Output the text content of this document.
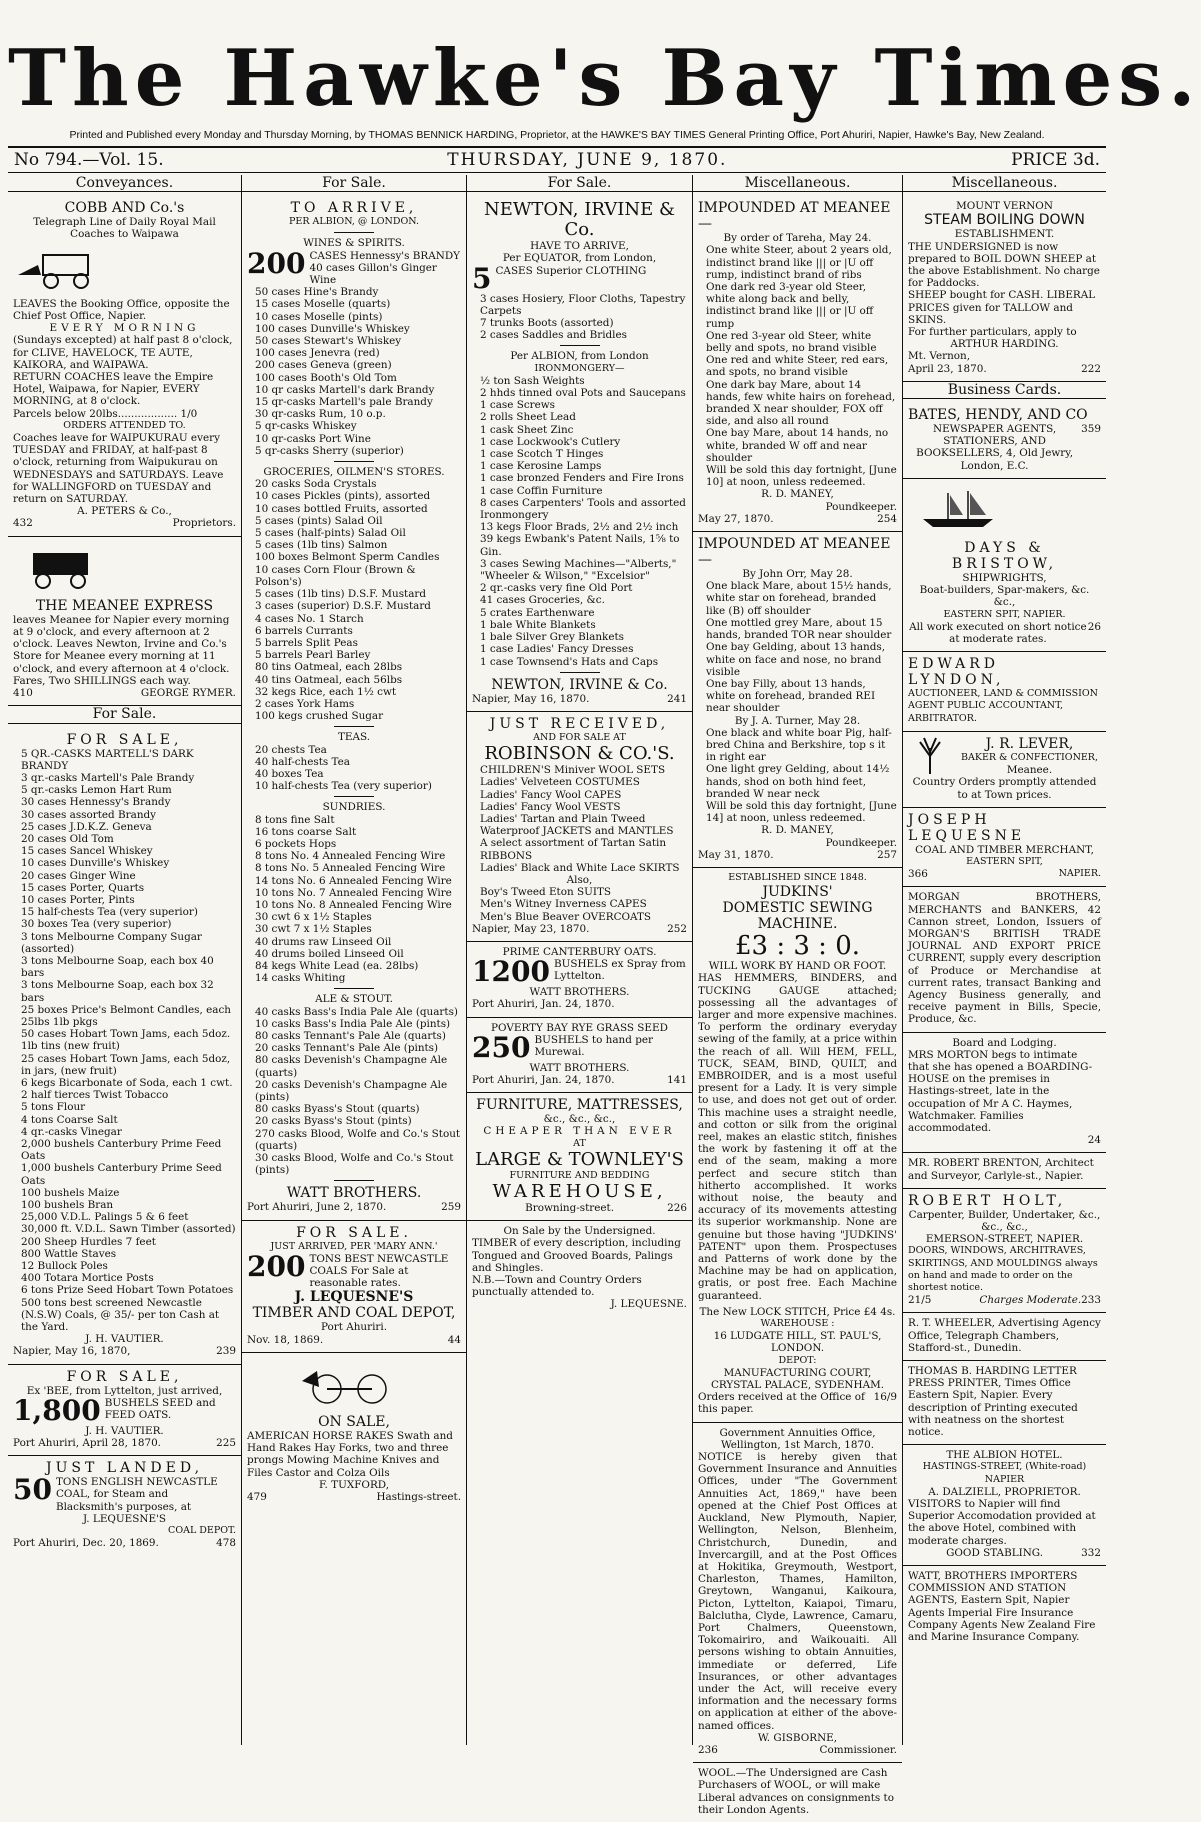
The Hawke's Bay Times.
Printed and Published every Monday and Thursday Morning, by THOMAS BENNICK HARDING, Proprietor, at the HAWKE'S BAY TIMES General Printing Office, Port Ahuriri, Napier, Hawke's Bay, New Zealand.
No 794.—Vol. 15.	THURSDAY, JUNE 9, 1870.	PRICE 3d.
Conveyances.
COBB AND Co.'s
Telegraph Line of Daily Royal Mail Coaches to Waipawa

LEAVES the Booking Office, opposite the Chief Post Office, Napier.

EVERY MORNING

(Sundays excepted) at half past 8 o'clock, for CLIVE, HAVELOCK, TE AUTE, KAIKORA, and WAIPAWA.

RETURN COACHES leave the Empire Hotel, Waipawa, for Napier, EVERY MORNING, at 8 o'clock.

Parcels below 20lbs.................. 1/0

ORDERS ATTENDED TO.

Coaches leave for WAIPUKURAU every TUESDAY and FRIDAY, at half-past 8 o'clock, returning from Waipukurau on WEDNESDAYS and SATURDAYS. Leave for WALLINGFORD on TUESDAY and return on SATURDAY.

A. PETERS & Co.,

432	Proprietors.
THE MEANEE EXPRESS

leaves Meanee for Napier every morning at 9 o'clock, and every afternoon at 2 o'clock. Leaves Newton, Irvine and Co.'s Store for Meanee every morning at 11 o'clock, and every afternoon at 4 o'clock. Fares, Two SHILLINGS each way.

410	GEORGE RYMER.
For Sale.
FOR SALE,

5 QR.-CASKS MARTELL'S DARK BRANDY

3 qr.-casks Martell's Pale Brandy

5 qr.-casks Lemon Hart Rum

30 cases Hennessy's Brandy

30 cases assorted Brandy

25 cases J.D.K.Z. Geneva

20 cases Old Tom

15 cases Sancel Whiskey

10 cases Dunville's Whiskey

20 cases Ginger Wine

15 cases Porter, Quarts

10 cases Porter, Pints

15 half-chests Tea (very superior)

30 boxes Tea (very superior)

3 tons Melbourne Company Sugar (assorted)

3 tons Melbourne Soap, each box 40 bars

3 tons Melbourne Soap, each box 32 bars

25 boxes Price's Belmont Candles, each 25lbs 1lb pkgs

50 cases Hobart Town Jams, each 5doz. 1lb tins (new fruit)

25 cases Hobart Town Jams, each 5doz, in jars, (new fruit)

6 kegs Bicarbonate of Soda, each 1 cwt.

2 half tierces Twist Tobacco

5 tons Flour

4 tons Coarse Salt

4 qr.-casks Vinegar

2,000 bushels Canterbury Prime Feed Oats

1,000 bushels Canterbury Prime Seed Oats

100 bushels Maize

100 bushels Bran

25,000 V.D.L. Palings 5 & 6 feet

30,000 ft. V.D.L. Sawn Timber (assorted)

200 Sheep Hurdles 7 feet

800 Wattle Staves

12 Bullock Poles

400 Totara Mortice Posts

6 tons Prize Seed Hobart Town Potatoes

500 tons best screened Newcastle (N.S.W) Coals, @ 35/- per ton Cash at the Yard.

J. H. VAUTIER.

Napier, May 16, 1870,	239
FOR SALE,

Ex 'BEE, from Lyttelton, just arrived,

1,800 BUSHELS SEED and FEED OATS.

J. H. VAUTIER.

Port Ahuriri, April 28, 1870.	225
JUST LANDED,
50 TONS ENGLISH NEWCASTLE COAL, for Steam and Blacksmith's purposes, at

J. LEQUESNE'S

COAL DEPOT.

Port Ahuriri, Dec. 20, 1869.	478
For Sale.
TO ARRIVE,

PER ALBION, @ LONDON.

WINES & SPIRITS.

200 CASES Hennessy's BRANDY
40 cases Gillon's Ginger Wine

50 cases Hine's Brandy

15 cases Moselle (quarts)

10 cases Moselle (pints)

100 cases Dunville's Whiskey

50 cases Stewart's Whiskey

100 cases Jenevra (red)

200 cases Geneva (green)

100 cases Booth's Old Tom

10 qr casks Martell's dark Brandy

15 qr-casks Martell's pale Brandy

30 qr-casks Rum, 10 o.p.

5 qr-casks Whiskey

10 qr-casks Port Wine

5 qr-casks Sherry (superior)

GROCERIES, OILMEN'S STORES.

20 casks Soda Crystals

10 cases Pickles (pints), assorted

10 cases bottled Fruits, assorted

5 cases (pints) Salad Oil

5 cases (half-pints) Salad Oil

5 cases (1lb tins) Salmon

100 boxes Belmont Sperm Candles

10 cases Corn Flour (Brown & Polson's)

5 cases (1lb tins) D.S.F. Mustard

3 cases (superior) D.S.F. Mustard

4 cases No. 1 Starch

6 barrels Currants

5 barrels Split Peas

5 barrels Pearl Barley

80 tins Oatmeal, each 28lbs

40 tins Oatmeal, each 56lbs

32 kegs Rice, each 1½ cwt

2 cases York Hams

100 kegs crushed Sugar

TEAS.

20 chests Tea

40 half-chests Tea

40 boxes Tea

10 half-chests Tea (very superior)

SUNDRIES.

8 tons fine Salt

16 tons coarse Salt

6 pockets Hops

8 tons No. 4 Annealed Fencing Wire

8 tons No. 5 Annealed Fencing Wire

14 tons No. 6 Annealed Fencing Wire

10 tons No. 7 Annealed Fencing Wire

10 tons No. 8 Annealed Fencing Wire

30 cwt 6 x 1½ Staples

30 cwt 7 x 1½ Staples

40 drums raw Linseed Oil

40 drums boiled Linseed Oil

84 kegs White Lead (ea. 28lbs)

14 casks Whiting

ALE & STOUT.

40 casks Bass's India Pale Ale (quarts)

10 casks Bass's India Pale Ale (pints)

80 casks Tennant's Pale Ale (quarts)

20 casks Tennant's Pale Ale (pints)

80 casks Devenish's Champagne Ale (quarts)

20 casks Devenish's Champagne Ale (pints)

80 casks Byass's Stout (quarts)

20 casks Byass's Stout (pints)

270 casks Blood, Wolfe and Co.'s Stout (quarts)

30 casks Blood, Wolfe and Co.'s Stout (pints)

WATT BROTHERS.

Port Ahuriri, June 2, 1870.	259
FOR SALE.

JUST ARRIVED, PER 'MARY ANN.'

200 TONS BEST NEWCASTLE COALS For Sale at reasonable rates.

J. LEQUESNE'S

TIMBER AND COAL DEPOT,

Port Ahuriri.

Nov. 18, 1869.	44
ON SALE,

AMERICAN HORSE RAKES Swath and Hand Rakes Hay Forks, two and three prongs Mowing Machine Knives and Files Castor and Colza Oils

F. TUXFORD,

479	Hastings-street.
For Sale.
NEWTON, IRVINE & Co.

HAVE TO ARRIVE,

Per EQUATOR, from London,

5 CASES Superior CLOTHING

3 cases Hosiery, Floor Cloths, Tapestry Carpets

7 trunks Boots (assorted)

2 cases Saddles and Bridles

Per ALBION, from London

IRONMONGERY—

½ ton Sash Weights

2 hhds tinned oval Pots and Saucepans

1 case Screws

2 rolls Sheet Lead

1 cask Sheet Zinc

1 case Lockwook's Cutlery

1 case Scotch T Hinges

1 case Kerosine Lamps

1 case bronzed Fenders and Fire Irons

1 case Coffin Furniture

8 cases Carpenters' Tools and assorted Ironmongery

13 kegs Floor Brads, 2½ and 2½ inch

39 kegs Ewbank's Patent Nails, 1⅝ to Gin.

3 cases Sewing Machines—"Alberts," "Wheeler & Wilson," "Excelsior"

2 qr.-casks very fine Old Port

41 cases Groceries, &c.

5 crates Earthenware

1 bale White Blankets

1 bale Silver Grey Blankets

1 case Ladies' Fancy Dresses

1 case Townsend's Hats and Caps

NEWTON, IRVINE & Co.

Napier, May 16, 1870.	241
JUST RECEIVED,

AND FOR SALE AT

ROBINSON & CO.'S.

CHILDREN'S Miniver WOOL SETS

Ladies' Velveteen COSTUMES

Ladies' Fancy Wool CAPES

Ladies' Fancy Wool VESTS

Ladies' Tartan and Plain Tweed Waterproof JACKETS and MANTLES

A select assortment of Tartan Satin RIBBONS

Ladies' Black and White Lace SKIRTS

Also,

Boy's Tweed Eton SUITS

Men's Witney Inverness CAPES

Men's Blue Beaver OVERCOATS

Napier, May 23, 1870.	252
PRIME CANTERBURY OATS.
1200 BUSHELS ex Spray from Lyttelton.

WATT BROTHERS.

Port Ahuriri, Jan. 24, 1870.

POVERTY BAY RYE GRASS SEED
250 BUSHELS to hand per Murewai.

WATT BROTHERS.

Port Ahuriri, Jan. 24, 1870.	141
FURNITURE, MATTRESSES,

&c., &c., &c.,

CHEAPER THAN EVER

AT

LARGE & TOWNLEY'S

FURNITURE AND BEDDING

WAREHOUSE,
Browning-street.	226
On Sale by the Undersigned.

TIMBER of every description, including Tongued and Grooved Boards, Palings and Shingles.

N.B.—Town and Country Orders punctually attended to.

J. LEQUESNE.

Miscellaneous.
IMPOUNDED AT MEANEE—

By order of Tareha, May 24.

One white Steer, about 2 years old, indistinct brand like ||| or |U off rump, indistinct brand of ribs

One dark red 3-year old Steer, white along back and belly, indistinct brand like ||| or |U off rump

One red 3-year old Steer, white belly and spots, no brand visible

One red and white Steer, red ears, and spots, no brand visible

One dark bay Mare, about 14 hands, few white hairs on forehead, branded X near shoulder, FOX off side, and also all round

One bay Mare, about 14 hands, no white, branded W off and near shoulder

Will be sold this day fortnight, [June 10] at noon, unless redeemed.

R. D. MANEY,

Poundkeeper.

May 27, 1870.	254
IMPOUNDED AT MEANEE—

By John Orr, May 28.

One black Mare, about 15½ hands, white star on forehead, branded like (B) off shoulder

One mottled grey Mare, about 15 hands, branded TOR near shoulder

One bay Gelding, about 13 hands, white on face and nose, no brand visible

One bay Filly, about 13 hands, white on forehead, branded REI near shoulder

By J. A. Turner, May 28.

One black and white boar Pig, half-bred China and Berkshire, top s it in right ear

One light grey Gelding, about 14½ hands, shod on both hind feet, branded W near neck

Will be sold this day fortnight, [June 14] at noon, unless redeemed.

R. D. MANEY,

Poundkeeper.

May 31, 1870.	257

ESTABLISHED SINCE 1848.

JUDKINS'

DOMESTIC SEWING MACHINE.

£3 : 3 : 0.

WILL WORK BY HAND OR FOOT.

HAS HEMMERS, BINDERS, and TUCKING GAUGE attached; possessing all the advantages of larger and more expensive machines. To perform the ordinary everyday sewing of the family, at a price within the reach of all. Will HEM, FELL, TUCK, SEAM, BIND, QUILT, and EMBROIDER, and is a most useful present for a Lady. It is very simple to use, and does not get out of order. This machine uses a straight needle, and cotton or silk from the original reel, makes an elastic stitch, finishes the work by fastening it off at the end of the seam, making a more perfect and secure stitch than hitherto accomplished. It works without noise, the beauty and accuracy of its movements attesting its superior workmanship. None are genuine but those having "JUDKINS' PATENT" upon them. Prospectuses and Patterns of work done by the Machine may be had on application, gratis, or post free. Each Machine guaranteed.

The New LOCK STITCH, Price £4 4s.

WAREHOUSE :

16 LUDGATE HILL, ST. PAUL'S, LONDON.

DEPOT:

MANUFACTURING COURT, CRYSTAL PALACE, SYDENHAM.

Orders received at the Office of this paper.
16/9

Government Annuities Office,

Wellington, 1st March, 1870.

NOTICE is hereby given that Government Insurance and Annuities Offices, under "The Government Annuities Act, 1869," have been opened at the Chief Post Offices at Auckland, New Plymouth, Napier, Wellington, Nelson, Blenheim, Christchurch, Dunedin, and Invercargill, and at the Post Offices at Hokitika, Greymouth, Westport, Charleston, Thames, Hamilton, Greytown, Wanganui, Kaikoura, Picton, Lyttelton, Kaiapoi, Timaru, Balclutha, Clyde, Lawrence, Camaru, Port Chalmers, Queenstown, Tokomairiro, and Waikouaiti. All persons wishing to obtain Annuities, immediate or deferred, Life Insurances, or other advantages under the Act, will receive every information and the necessary forms on application at either of the above-named offices.

W. GISBORNE,

236	Commissioner.

WOOL.—The Undersigned are Cash Purchasers of WOOL, or will make Liberal advances on consignments to their London Agents.

Miscellaneous.

MOUNT VERNON

STEAM BOILING DOWN

ESTABLISHMENT.

THE UNDERSIGNED is now prepared to BOIL DOWN SHEEP at the above Establishment. No charge for Paddocks.

SHEEP bought for CASH. LIBERAL PRICES given for TALLOW and SKINS.

For further particulars, apply to

ARTHUR HARDING.

Mt. Vernon,

April 23, 1870.	222
Business Cards.

BATES, HENDY, AND CO

NEWSPAPER AGENTS, STATIONERS, AND BOOKSELLERS, 4, Old Jewry, London, E.C.
359

DAYS & BRISTOW,

SHIPWRIGHTS,

Boat-builders, Spar-makers, &c. &c.,

EASTERN SPIT, NAPIER.

All work executed on short notice at moderate rates.
26

EDWARD LYNDON,

AUCTIONEER, LAND & COMMISSION AGENT PUBLIC ACCOUNTANT, ARBITRATOR.

J. R. LEVER,

BAKER & CONFECTIONER,

Meanee.

Country Orders promptly attended to at Town prices.

JOSEPH LEQUESNE

COAL AND TIMBER MERCHANT,

EASTERN SPIT,

366	NAPIER.

MORGAN BROTHERS, MERCHANTS and BANKERS, 42 Cannon street, London, Issuers of MORGAN'S BRITISH TRADE JOURNAL AND EXPORT PRICE CURRENT, supply every description of Produce or Merchandise at current rates, transact Banking and Agency Business generally, and receive payment in Bills, Specie, Produce, &c.

Board and Lodging.

MRS MORTON begs to intimate that she has opened a BOARDING-HOUSE on the premises in Hastings-street, late in the occupation of Mr A C. Haymes, Watchmaker. Families accommodated.

24

MR. ROBERT BRENTON, Architect and Surveyor, Carlyle-st., Napier.

ROBERT HOLT,

Carpenter, Builder, Undertaker, &c., &c., &c.,

EMERSON-STREET, NAPIER.

DOORS, WINDOWS, ARCHITRAVES, SKIRTINGS, AND MOULDINGS always on hand and made to order on the shortest notice.

21/5	Charges Moderate. 233

R. T. WHEELER, Advertising Agency Office, Telegraph Chambers, Stafford-st., Dunedin.

THOMAS B. HARDING LETTER PRESS PRINTER, Times Office Eastern Spit, Napier. Every description of Printing executed with neatness on the shortest notice.

THE ALBION HOTEL.

HASTINGS-STREET, (White-road) NAPIER

A. DALZIELL, PROPRIETOR.

VISITORS to Napier will find Superior Accomodation provided at the above Hotel, combined with moderate charges.

GOOD STABLING.	332

WATT, BROTHERS IMPORTERS COMMISSION AND STATION AGENTS, Eastern Spit, Napier Agents Imperial Fire Insurance Company Agents New Zealand Fire and Marine Insurance Company.
